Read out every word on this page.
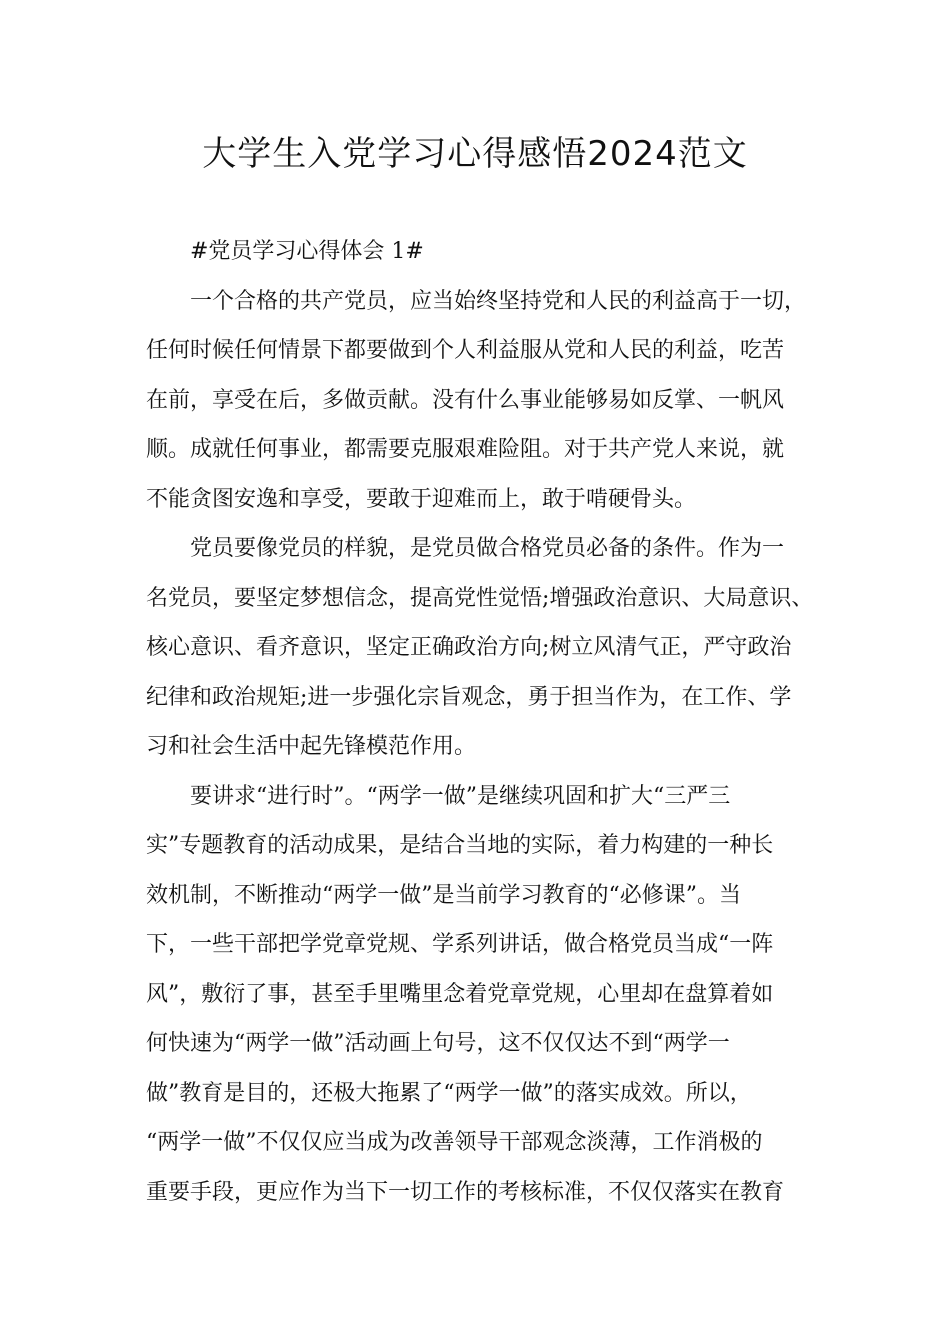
大学生入党学习心得感悟2024范文
#党员学习心得体会 1#
一个合格的共产党员，应当始终坚持党和人民的利益高于一切，
任何时候任何情景下都要做到个人利益服从党和人民的利益，吃苦
在前，享受在后，多做贡献。没有什么事业能够易如反掌、一帆风
顺。成就任何事业，都需要克服艰难险阻。对于共产党人来说，就
不能贪图安逸和享受，要敢于迎难而上，敢于啃硬骨头。
党员要像党员的样貌，是党员做合格党员必备的条件。作为一
名党员，要坚定梦想信念，提高党性觉悟;增强政治意识、大局意识、
核心意识、看齐意识，坚定正确政治方向;树立风清气正，严守政治
纪律和政治规矩;进一步强化宗旨观念，勇于担当作为，在工作、学
习和社会生活中起先锋模范作用。
要讲求“进行时”。“两学一做”是继续巩固和扩大“三严三
实”专题教育的活动成果，是结合当地的实际，着力构建的一种长
效机制，不断推动“两学一做”是当前学习教育的“必修课”。当
下，一些干部把学党章党规、学系列讲话，做合格党员当成“一阵
风”，敷衍了事，甚至手里嘴里念着党章党规，心里却在盘算着如
何快速为“两学一做”活动画上句号，这不仅仅达不到“两学一
做”教育是目的，还极大拖累了“两学一做”的落实成效。所以，
“两学一做”不仅仅应当成为改善领导干部观念淡薄，工作消极的
重要手段，更应作为当下一切工作的考核标准，不仅仅落实在教育
